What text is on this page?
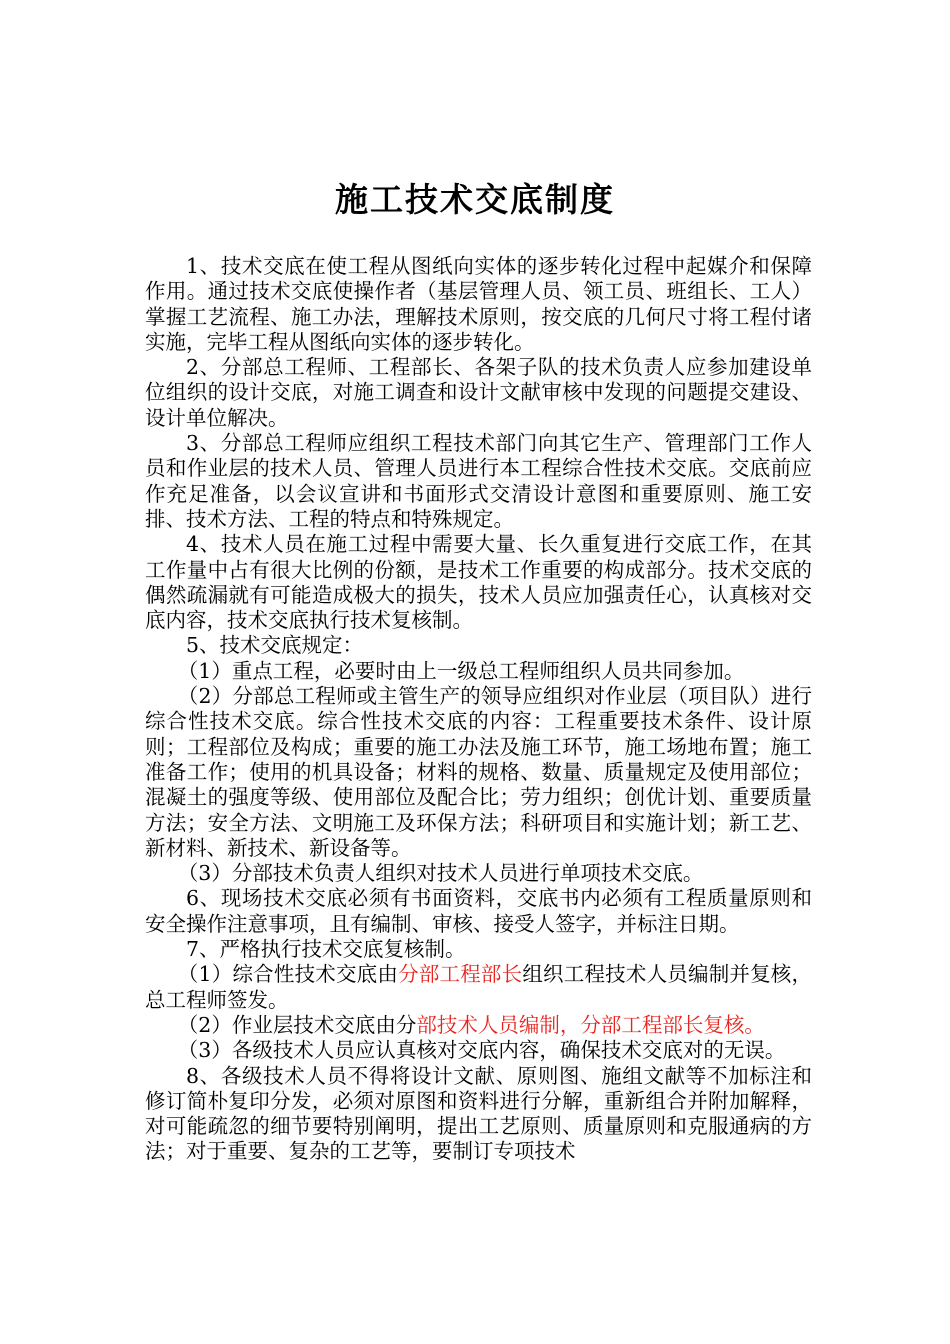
施工技术交底制度

1、技术交底在使工程从图纸向实体的逐步转化过程中起媒介和保障作用。通过技术交底使操作者（基层管理人员、领工员、班组长、工人）掌握工艺流程、施工办法，理解技术原则，按交底的几何尺寸将工程付诸实施，完毕工程从图纸向实体的逐步转化。

2、分部总工程师、工程部长、各架子队的技术负责人应参加建设单位组织的设计交底，对施工调查和设计文献审核中发现的问题提交建设、设计单位解决。

3、分部总工程师应组织工程技术部门向其它生产、管理部门工作人员和作业层的技术人员、管理人员进行本工程综合性技术交底。交底前应作充足准备，以会议宣讲和书面形式交清设计意图和重要原则、施工安排、技术方法、工程的特点和特殊规定。

4、技术人员在施工过程中需要大量、长久重复进行交底工作，在其工作量中占有很大比例的份额，是技术工作重要的构成部分。技术交底的偶然疏漏就有可能造成极大的损失，技术人员应加强责任心，认真核对交底内容，技术交底执行技术复核制。

5、技术交底规定：

（1）重点工程，必要时由上一级总工程师组织人员共同参加。

（2）分部总工程师或主管生产的领导应组织对作业层（项目队）进行综合性技术交底。综合性技术交底的内容：工程重要技术条件、设计原则；工程部位及构成；重要的施工办法及施工环节，施工场地布置；施工准备工作；使用的机具设备；材料的规格、数量、质量规定及使用部位；混凝土的强度等级、使用部位及配合比；劳力组织；创优计划、重要质量方法；安全方法、文明施工及环保方法；科研项目和实施计划；新工艺、新材料、新技术、新设备等。

（3）分部技术负责人组织对技术人员进行单项技术交底。

6、现场技术交底必须有书面资料，交底书内必须有工程质量原则和安全操作注意事项，且有编制、审核、接受人签字，并标注日期。

7、严格执行技术交底复核制。

（1）综合性技术交底由分部工程部长组织工程技术人员编制并复核，总工程师签发。

（2）作业层技术交底由分部技术人员编制，分部工程部长复核。

（3）各级技术人员应认真核对交底内容，确保技术交底对的无误。

8、各级技术人员不得将设计文献、原则图、施组文献等不加标注和修订简朴复印分发，必须对原图和资料进行分解，重新组合并附加解释，对可能疏忽的细节要特别阐明，提出工艺原则、质量原则和克服通病的方法；对于重要、复杂的工艺等，要制订专项技术
